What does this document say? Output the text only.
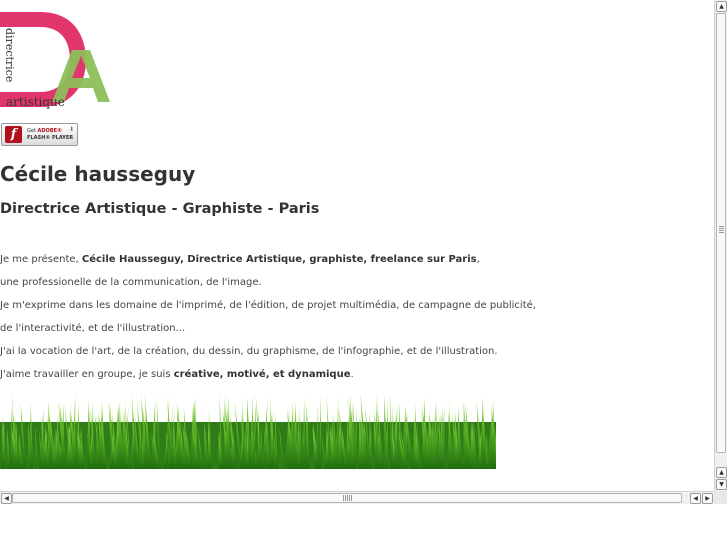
directrice
artistique
f	Get ADOBE®
FLASH® PLAYER
⬇
Cécile hausseguy
Directrice Artistique - Graphiste - Paris

Je me présente, Cécile Hausseguy, Directrice Artistique, graphiste, freelance sur Paris,

une professionelle de la communication, de l'image.

Je m'exprime dans les domaine de l'imprimé, de l'édition, de projet multimédia, de campagne de publicité,

de l'interactivité, et de l'illustration...

J'ai la vocation de l'art, de la création, du dessin, du graphisme, de l'infographie, et de l'illustration.

J'aime travailler en groupe, je suis créative, motivé, et dynamique.

▲
▲
▼
◀	◀	▶
